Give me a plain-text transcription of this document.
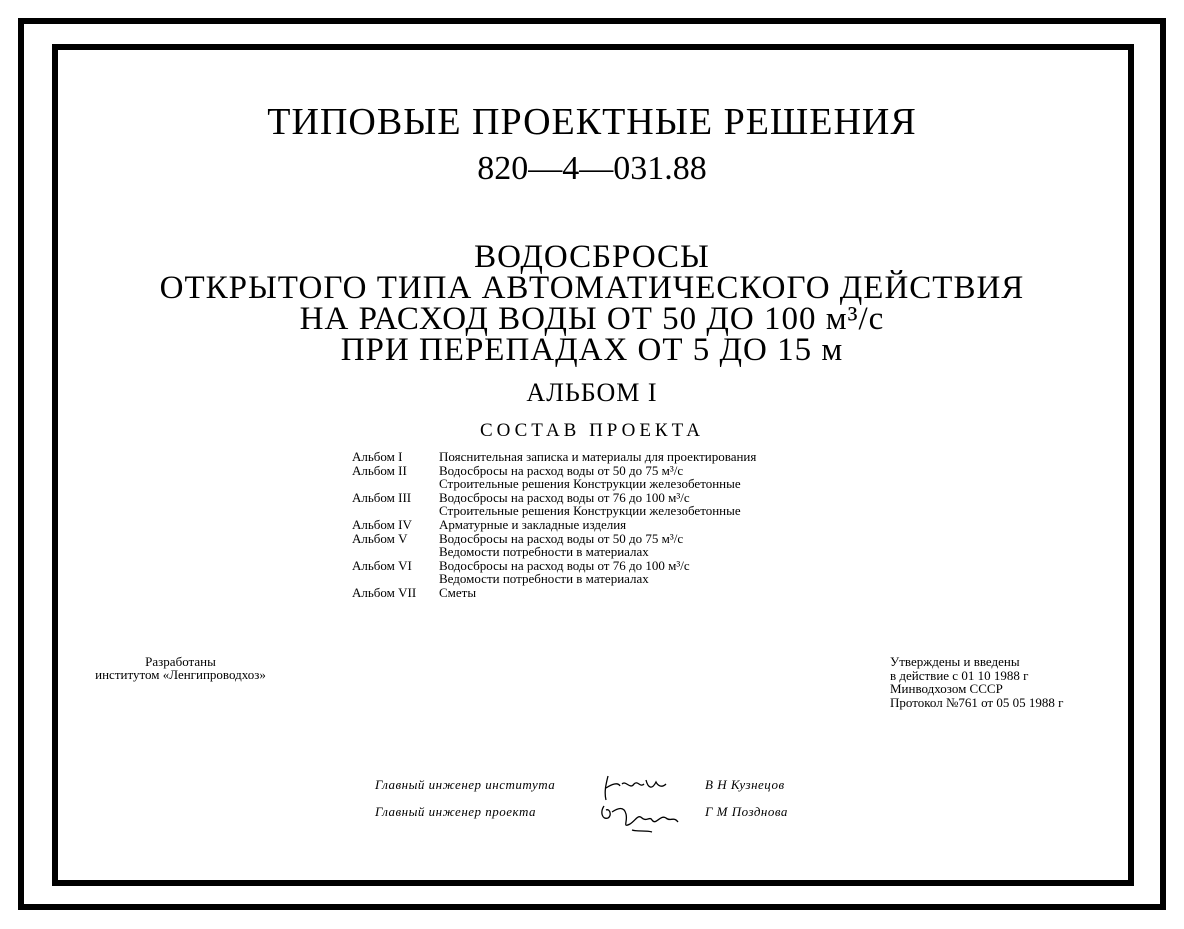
ТИПОВЫЕ ПРОЕКТНЫЕ РЕШЕНИЯ
820—4—031.88
ВОДОСБРОСЫ
ОТКРЫТОГО ТИПА АВТОМАТИЧЕСКОГО ДЕЙСТВИЯ
НА РАСХОД ВОДЫ ОТ 50 ДО 100 м³/с
ПРИ ПЕРЕПАДАХ ОТ 5 ДО 15 м
АЛЬБОМ I
СОСТАВ ПРОЕКТА
Альбом I	Пояснительная записка и материалы для проектирования
Альбом II	Водосбросы на расход воды от 50 до 75 м³/с
Строительные решения Конструкции железобетонные
Альбом III	Водосбросы на расход воды от 76 до 100 м³/с
Строительные решения Конструкции железобетонные
Альбом IV	Арматурные и закладные изделия
Альбом V	Водосбросы на расход воды от 50 до 75 м³/с
Ведомости потребности в материалах
Альбом VI	Водосбросы на расход воды от 76 до 100 м³/с
Ведомости потребности в материалах
Альбом VII	Сметы
Разработаны
институтом «Ленгипроводхоз»
Утверждены и введены
в действие с 01 10 1988 г
Минводхозом СССР
Протокол №761 от 05 05 1988 г
Главный инженер института	В Н Кузнецов
Главный инженер проекта	Г М Позднова
